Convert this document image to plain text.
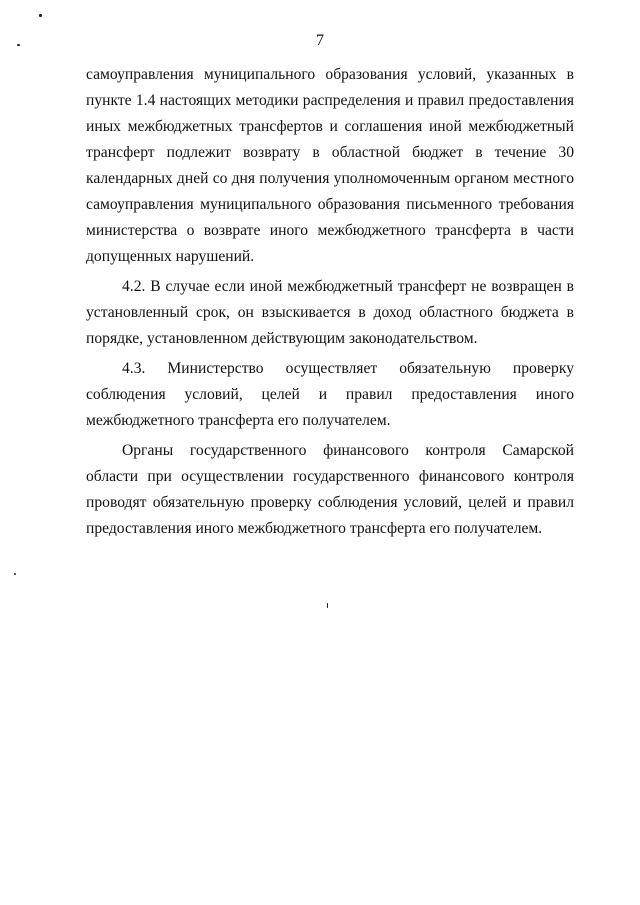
7

самоуправления муниципального образования условий, указанных в пункте 1.4 настоящих методики распределения и правил предоставления иных межбюджетных трансфертов и соглашения иной межбюджетный трансферт подлежит возврату в областной бюджет в течение 30 календарных дней со дня получения уполномоченным органом местного самоуправления муниципального образования письменного требования министерства о возврате иного межбюджетного трансферта в части допущенных нарушений.

4.2. В случае если иной межбюджетный трансферт не возвращен в установленный срок, он взыскивается в доход областного бюджета в порядке, установленном действующим законодательством.

4.3. Министерство осуществляет обязательную проверку соблюдения условий, целей и правил предоставления иного межбюджетного трансферта его получателем.

Органы государственного финансового контроля Самарской области при осуществлении государственного финансового контроля проводят обязательную проверку соблюдения условий, целей и правил предоставления иного межбюджетного трансферта его получателем.
